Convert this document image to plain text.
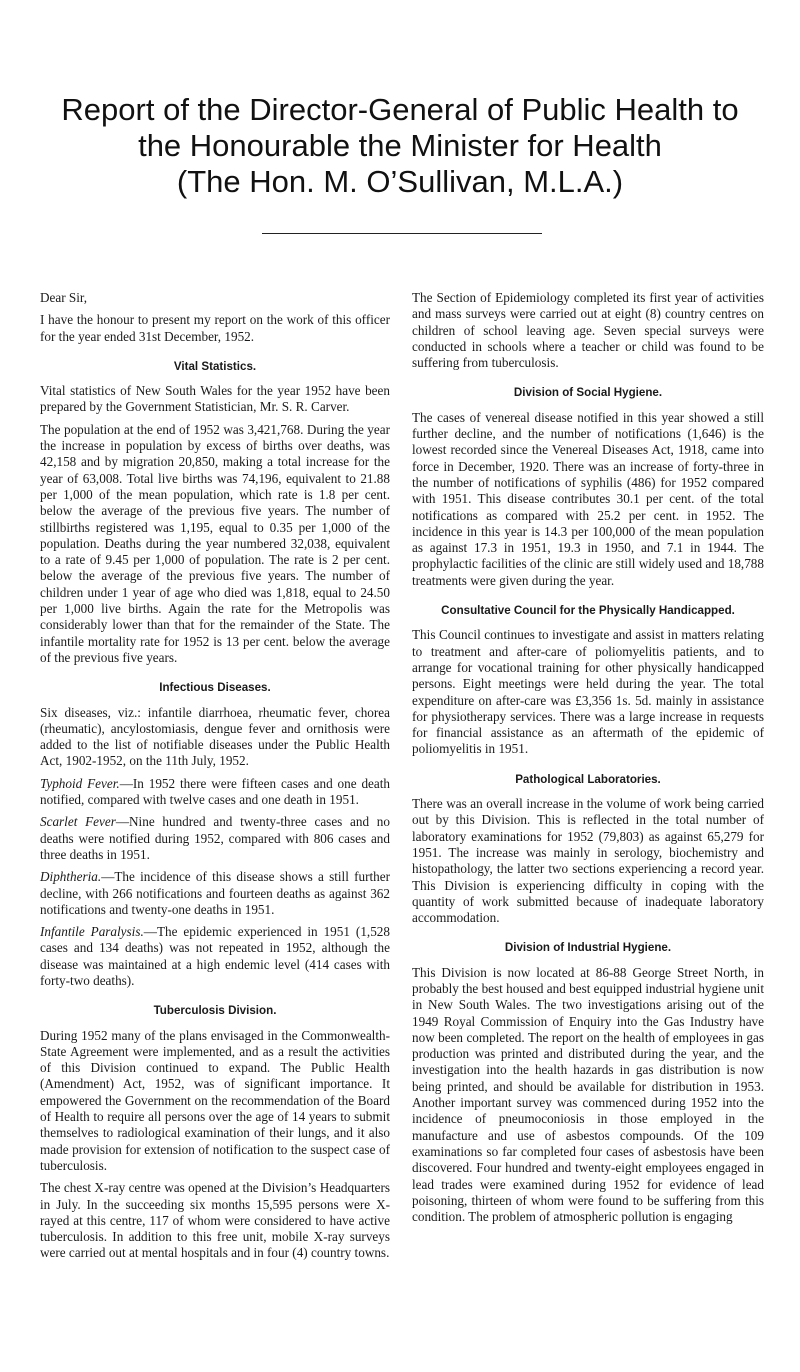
Report of the Director-General of Public Health to
the Honourable the Minister for Health
(The Hon. M. O’Sullivan, M.L.A.)

Dear Sir,

I have the honour to present my report on the work of this officer for the year ended 31st December, 1952.

Vital Statistics.

Vital statistics of New South Wales for the year 1952 have been prepared by the Government Statistician, Mr. S. R. Carver.

The population at the end of 1952 was 3,421,768. During the year the increase in population by excess of births over deaths, was 42,158 and by migration 20,850, making a total increase for the year of 63,008. Total live births was 74,196, equivalent to 21.88 per 1,000 of the mean population, which rate is 1.8 per cent. below the average of the previous five years. The number of stillbirths registered was 1,195, equal to 0.35 per 1,000 of the population. Deaths during the year numbered 32,038, equivalent to a rate of 9.45 per 1,000 of population. The rate is 2 per cent. below the average of the previous five years. The number of children under 1 year of age who died was 1,818, equal to 24.50 per 1,000 live births. Again the rate for the Metropolis was considerably lower than that for the remainder of the State. The infantile mortality rate for 1952 is 13 per cent. below the average of the previous five years.

Infectious Diseases.

Six diseases, viz.: infantile diarrhoea, rheumatic fever, chorea (rheumatic), ancylostomiasis, dengue fever and ornithosis were added to the list of notifiable diseases under the Public Health Act, 1902-1952, on the 11th July, 1952.

Typhoid Fever.—In 1952 there were fifteen cases and one death notified, compared with twelve cases and one death in 1951.

Scarlet Fever—Nine hundred and twenty-three cases and no deaths were notified during 1952, compared with 806 cases and three deaths in 1951.

Diphtheria.—The incidence of this disease shows a still further decline, with 266 notifications and fourteen deaths as against 362 notifications and twenty-one deaths in 1951.

Infantile Paralysis.—The epidemic experienced in 1951 (1,528 cases and 134 deaths) was not repeated in 1952, although the disease was maintained at a high endemic level (414 cases with forty-two deaths).

Tuberculosis Division.

During 1952 many of the plans envisaged in the Commonwealth-State Agreement were implemented, and as a result the activities of this Division continued to expand. The Public Health (Amendment) Act, 1952, was of significant importance. It empowered the Government on the recommendation of the Board of Health to require all persons over the age of 14 years to submit themselves to radiological examination of their lungs, and it also made provision for extension of notification to the suspect case of tuberculosis.

The chest X-ray centre was opened at the Division’s Headquarters in July. In the succeeding six months 15,595 persons were X-rayed at this centre, 117 of whom were considered to have active tuberculosis. In addition to this free unit, mobile X-ray surveys were carried out at mental hospitals and in four (4) country towns.

The Section of Epidemiology completed its first year of activities and mass surveys were carried out at eight (8) country centres on children of school leaving age. Seven special surveys were conducted in schools where a teacher or child was found to be suffering from tuberculosis.

Division of Social Hygiene.

The cases of venereal disease notified in this year showed a still further decline, and the number of notifications (1,646) is the lowest recorded since the Venereal Diseases Act, 1918, came into force in December, 1920. There was an increase of forty-three in the number of notifications of syphilis (486) for 1952 compared with 1951. This disease contributes 30.1 per cent. of the total notifications as compared with 25.2 per cent. in 1952. The incidence in this year is 14.3 per 100,000 of the mean population as against 17.3 in 1951, 19.3 in 1950, and 7.1 in 1944. The prophylactic facilities of the clinic are still widely used and 18,788 treatments were given during the year.

Consultative Council for the Physically Handicapped.

This Council continues to investigate and assist in matters relating to treatment and after-care of poliomyelitis patients, and to arrange for vocational training for other physically handicapped persons. Eight meetings were held during the year. The total expenditure on after-care was £3,356 1s. 5d. mainly in assistance for physiotherapy services. There was a large increase in requests for financial assistance as an aftermath of the epidemic of poliomyelitis in 1951.

Pathological Laboratories.

There was an overall increase in the volume of work being carried out by this Division. This is reflected in the total number of laboratory examinations for 1952 (79,803) as against 65,279 for 1951. The increase was mainly in serology, biochemistry and histopathology, the latter two sections experiencing a record year. This Division is experiencing difficulty in coping with the quantity of work submitted because of inadequate laboratory accommodation.

Division of Industrial Hygiene.

This Division is now located at 86-88 George Street North, in probably the best housed and best equipped industrial hygiene unit in New South Wales. The two investigations arising out of the 1949 Royal Commission of Enquiry into the Gas Industry have now been completed. The report on the health of employees in gas production was printed and distributed during the year, and the investigation into the health hazards in gas distribution is now being printed, and should be available for distribution in 1953. Another important survey was commenced during 1952 into the incidence of pneumoconiosis in those employed in the manufacture and use of asbestos compounds. Of the 109 examinations so far completed four cases of asbestosis have been discovered. Four hundred and twenty-eight employees engaged in lead trades were examined during 1952 for evidence of lead poisoning, thirteen of whom were found to be suffering from this condition. The problem of atmospheric pollution is engaging
